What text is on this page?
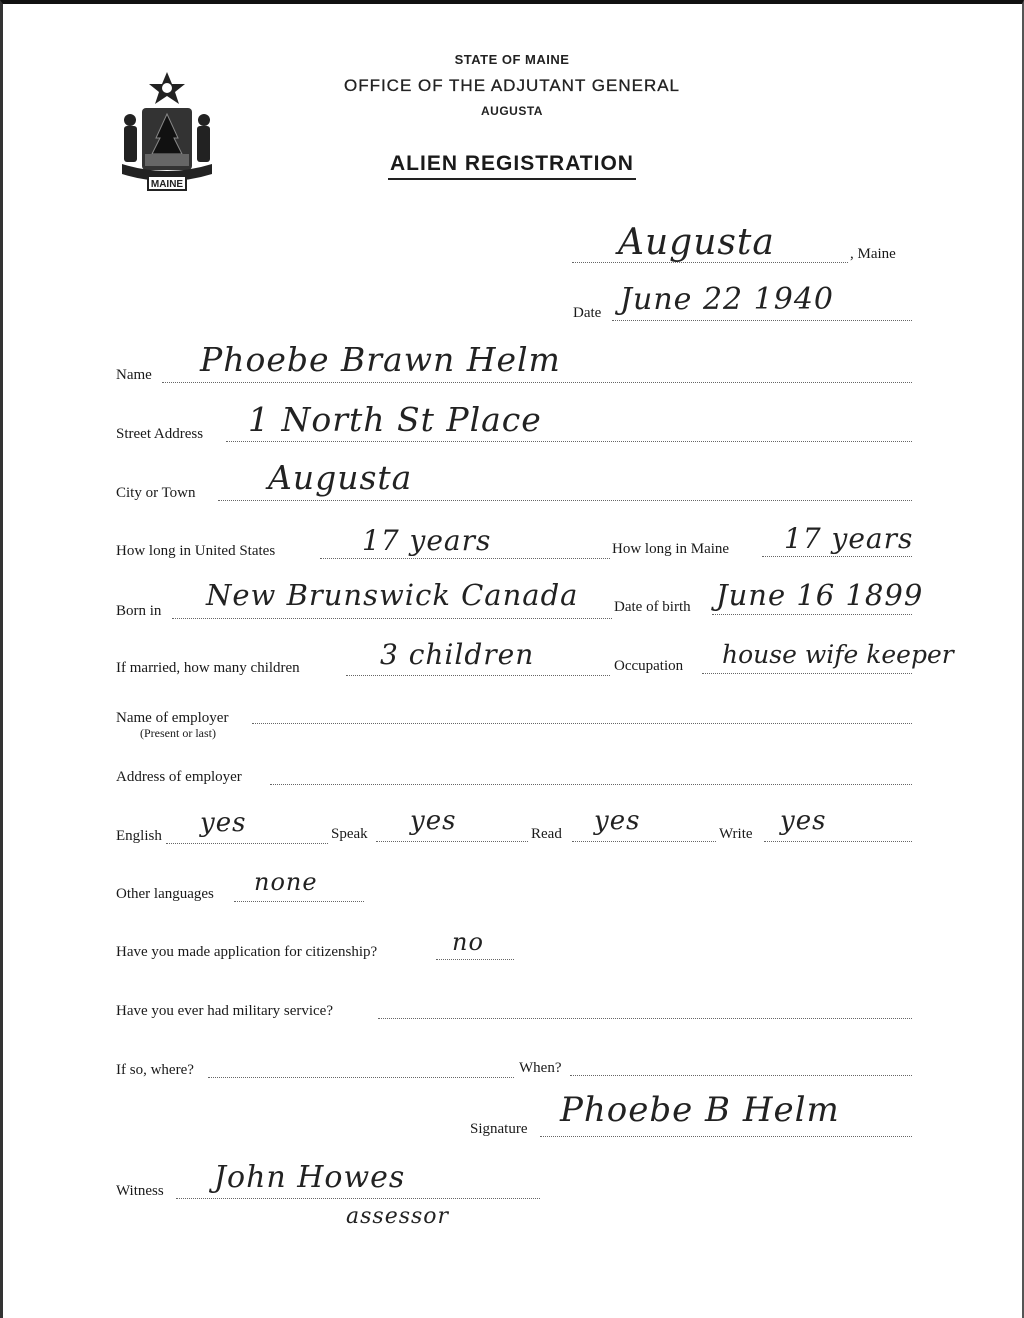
MAINE
STATE OF MAINE
OFFICE OF THE ADJUTANT GENERAL
AUGUSTA
ALIEN REGISTRATION
Augusta	, Maine
Date June 22 1940
Name Phoebe Brawn Helm
Street Address 1 North St Place
City or Town Augusta
How long in United States	17 years	How long in Maine 17 years
Born in New Brunswick Canada Date of birth June 16 1899
If married, how many children	3 children	Occupation house wife keeper
Name of employer
(Present or last)
Address of employer
English yes	Speak yes	Read yes	Write yes
Other languages none
Have you made application for citizenship?	no
Have you ever had military service?
If so, where?	When?
Signature Phoebe B Helm
Witness John Howes
assessor
